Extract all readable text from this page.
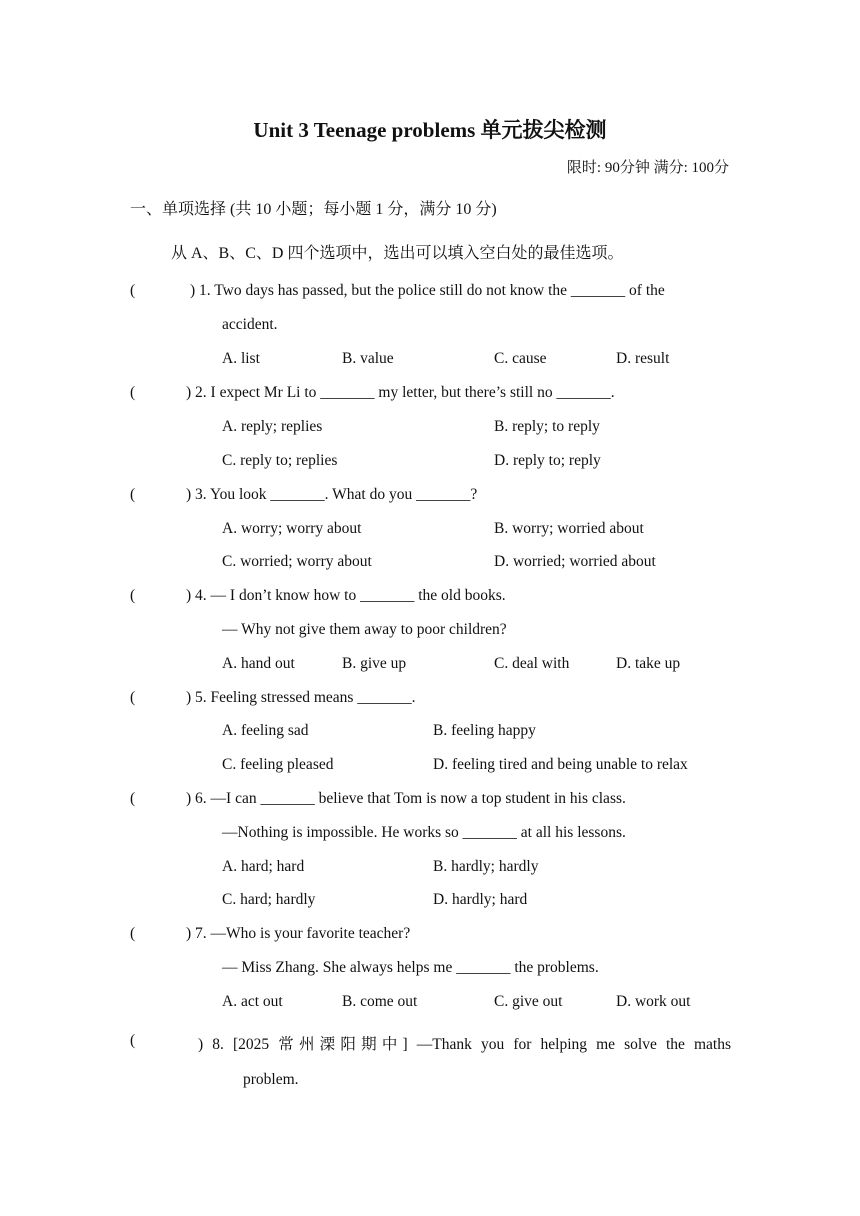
Unit 3 Teenage problems 单元拔尖检测
限时: 90分钟 满分: 100分
一、单项选择 (共 10 小题；每小题 1 分，满分 10 分)
从 A、B、C、D 四个选项中，选出可以填入空白处的最佳选项。
(	) 1. Two days has passed, but the police still do not know the _______ of the
accident.
A. list	B. value	C. cause	D. result
(	) 2. I expect Mr Li to _______ my letter, but there’s still no _______.
A. reply; replies	B. reply; to reply
C. reply to; replies	D. reply to; reply
(	) 3. You look _______. What do you _______?
A. worry; worry about	B. worry; worried about
C. worried; worry about	D. worried; worried about
(	) 4. — I don’t know how to _______ the old books.
— Why not give them away to poor children?
A. hand out	B. give up	C. deal with	D. take up
(	) 5. Feeling stressed means _______.
A. feeling sad	B. feeling happy
C. feeling pleased	D. feeling tired and being unable to relax
(	) 6. —I can _______ believe that Tom is now a top student in his class.
—Nothing is impossible. He works so _______ at all his lessons.
A. hard; hard	B. hardly; hardly
C. hard; hardly	D. hardly; hard
(	) 7. —Who is your favorite teacher?
— Miss Zhang. She always helps me _______ the problems.
A. act out	B. come out	C. give out	D. work out
(	) 8. [2025 常州溧阳期中] —Thank you for helping me solve the maths
problem.
